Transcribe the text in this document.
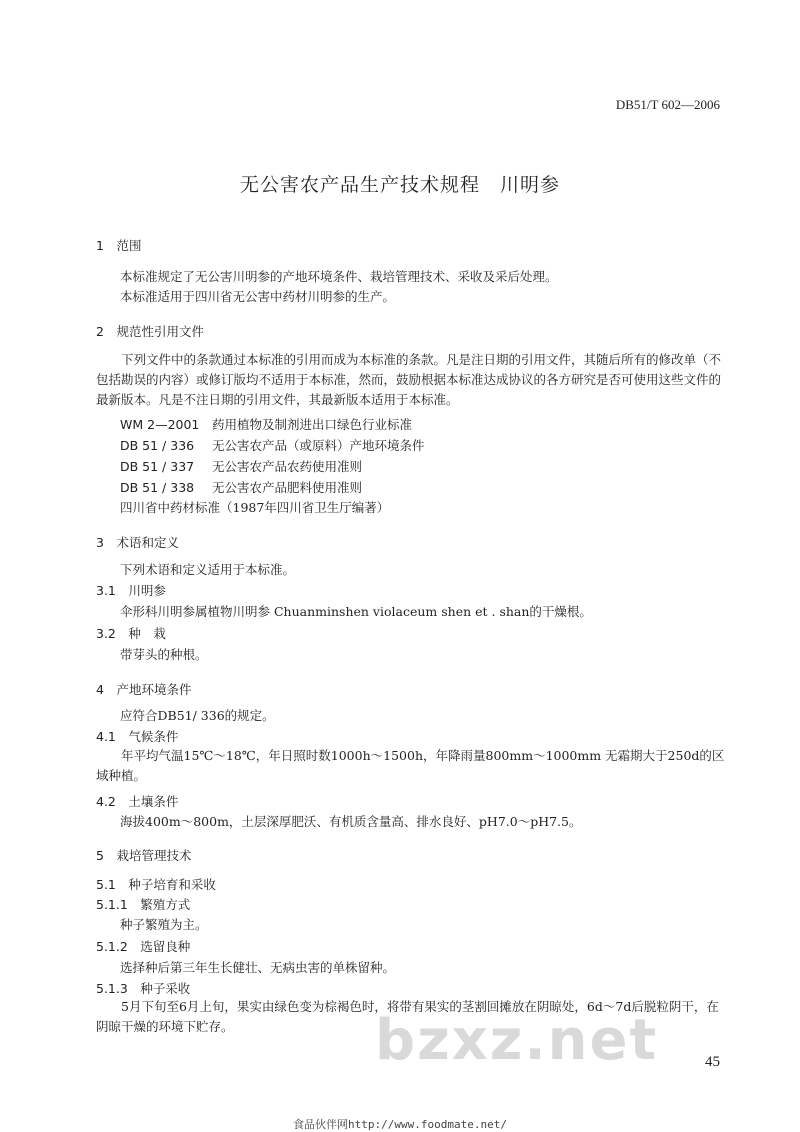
DB51/T 602—2006
无公害农产品生产技术规程　川明参
1　范围
本标准规定了无公害川明参的产地环境条件、栽培管理技术、采收及采后处理。
本标准适用于四川省无公害中药材川明参的生产。
2　规范性引用文件
下列文件中的条款通过本标准的引用而成为本标准的条款。凡是注日期的引用文件，其随后所有的修改单（不包括勘误的内容）或修订版均不适用于本标准，然而，鼓励根据本标准达成协议的各方研究是否可使用这些文件的最新版本。凡是不注日期的引用文件，其最新版本适用于本标准。
WM 2—2001 药用植物及制剂进出口绿色行业标准
DB 51 / 336 无公害农产品（或原料）产地环境条件
DB 51 / 337 无公害农产品农药使用准则
DB 51 / 338 无公害农产品肥料使用准则
四川省中药材标准（1987年四川省卫生厅编著）
3　术语和定义
下列术语和定义适用于本标准。
3.1　川明参
伞形科川明参属植物川明参 Chuanminshen violaceum shen et . shan的干燥根。
3.2　种　栽
带芽头的种根。
4　产地环境条件
应符合DB51/ 336的规定。
4.1　气候条件
年平均气温15℃～18℃，年日照时数1000h～1500h，年降雨量800mm～1000mm 无霜期大于250d的区域种植。
4.2　土壤条件
海拔400m～800m，土层深厚肥沃、有机质含量高、排水良好、pH7.0～pH7.5。
5　栽培管理技术
5.1　种子培育和采收
5.1.1　繁殖方式
种子繁殖为主。
5.1.2　选留良种
选择种后第三年生长健壮、无病虫害的单株留种。
5.1.3　种子采收
5月下旬至6月上旬，果实由绿色变为棕褐色时，将带有果实的茎割回摊放在阴晾处，6d～7d后脱粒阴干，在阴晾干燥的环境下贮存。	bzxz.net	45
食品伙伴网http://www.foodmate.net/
